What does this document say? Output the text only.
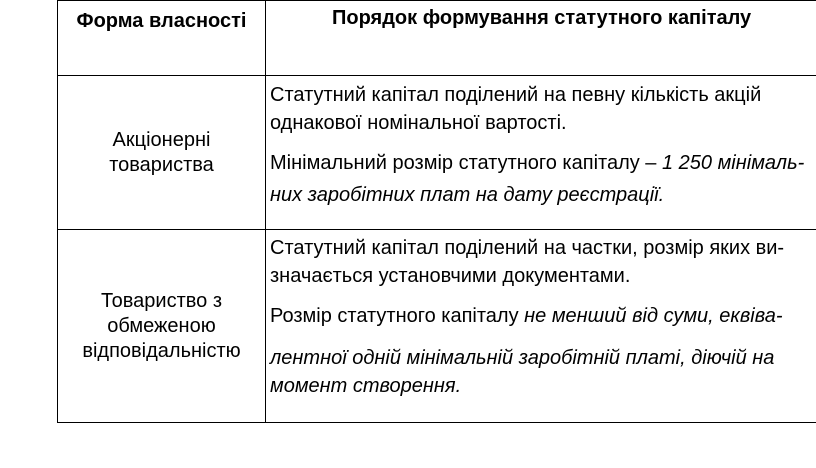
Форма власності	Порядок формування статутного капіталу

Акціонерні товариства	Статутний капітал поділений на певну кількість акцій
однакової номінальної вартості.
Мінімальний розмір статутного капіталу – 1 250 мінімаль-
них заробітних плат на дату реєстрації.

Товариство з обмеженою відповідальністю	Статутний капітал поділений на частки, розмір яких ви-
значається установчими документами.
Розмір статутного капіталу не менший від суми, еквіва-
лентної одній мінімальній заробітній платі, діючій на
момент створення.
